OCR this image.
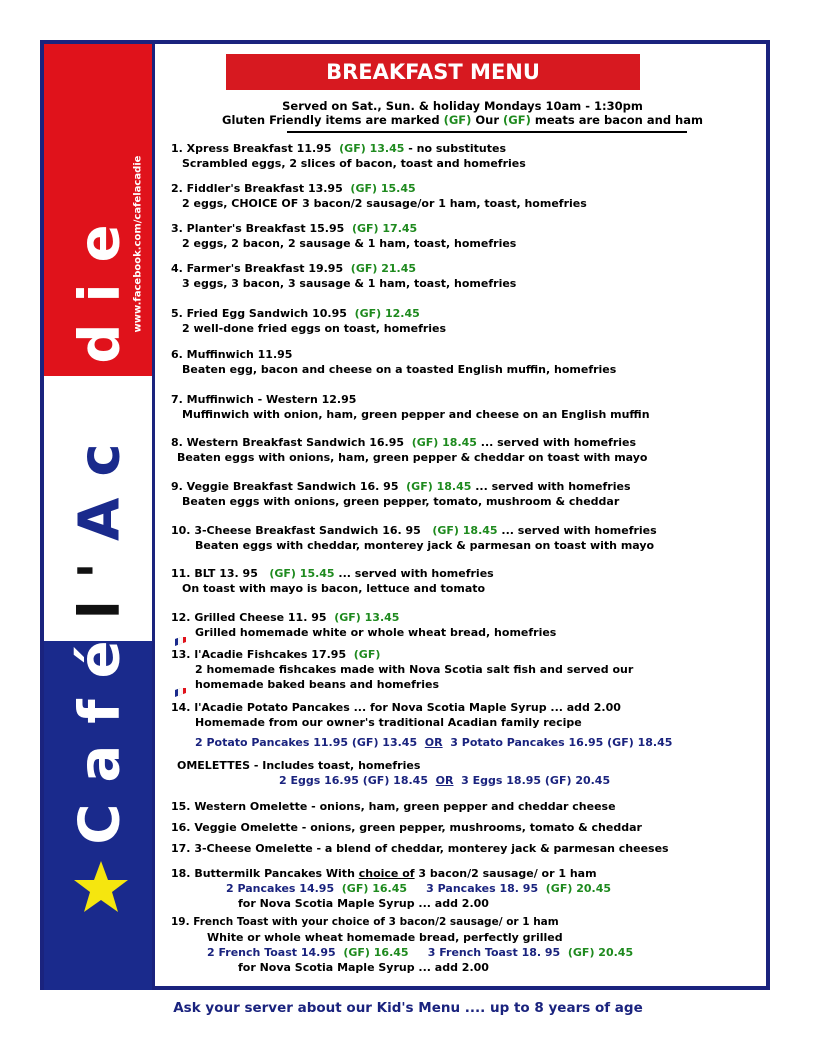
Cafél'Acadie www.facebook.com/cafelacadie
BREAKFAST MENU
Served on Sat., Sun. & holiday Mondays 10am - 1:30pm
Gluten Friendly items are marked (GF) Our (GF) meats are bacon and ham
1. Xpress Breakfast 11.95 (GF) 13.45 - no substitutes
Scrambled eggs, 2 slices of bacon, toast and homefries
2. Fiddler's Breakfast 13.95 (GF) 15.45
2 eggs, CHOICE OF 3 bacon/2 sausage/or 1 ham, toast, homefries
3. Planter's Breakfast 15.95 (GF) 17.45
2 eggs, 2 bacon, 2 sausage & 1 ham, toast, homefries
4. Farmer's Breakfast 19.95 (GF) 21.45
3 eggs, 3 bacon, 3 sausage & 1 ham, toast, homefries
5. Fried Egg Sandwich 10.95 (GF) 12.45
2 well-done fried eggs on toast, homefries
6. Muffinwich 11.95
Beaten egg, bacon and cheese on a toasted English muffin, homefries
7. Muffinwich - Western 12.95
Muffinwich with onion, ham, green pepper and cheese on an English muffin
8. Western Breakfast Sandwich 16.95 (GF) 18.45 ... served with homefries
Beaten eggs with onions, ham, green pepper & cheddar on toast with mayo
9. Veggie Breakfast Sandwich 16. 95 (GF) 18.45 ... served with homefries
Beaten eggs with onions, green pepper, tomato, mushroom & cheddar
10. 3-Cheese Breakfast Sandwich 16. 95 (GF) 18.45 ... served with homefries
Beaten eggs with cheddar, monterey jack & parmesan on toast with mayo
11. BLT 13. 95 (GF) 15.45 ... served with homefries
On toast with mayo is bacon, lettuce and tomato
12. Grilled Cheese 11. 95 (GF) 13.45
Grilled homemade white or whole wheat bread, homefries
13. l'Acadie Fishcakes 17.95 (GF)
2 homemade fishcakes made with Nova Scotia salt fish and served our
homemade baked beans and homefries
14. l'Acadie Potato Pancakes ... for Nova Scotia Maple Syrup ... add 2.00
Homemade from our owner's traditional Acadian family recipe
2 Potato Pancakes 11.95 (GF) 13.45 OR 3 Potato Pancakes 16.95 (GF) 18.45
OMELETTES - Includes toast, homefries
2 Eggs 16.95 (GF) 18.45 OR 3 Eggs 18.95 (GF) 20.45
15. Western Omelette - onions, ham, green pepper and cheddar cheese
16. Veggie Omelette - onions, green pepper, mushrooms, tomato & cheddar
17. 3-Cheese Omelette - a blend of cheddar, monterey jack & parmesan cheeses
18. Buttermilk Pancakes With choice of 3 bacon/2 sausage/ or 1 ham
2 Pancakes 14.95 (GF) 16.45 3 Pancakes 18. 95 (GF) 20.45
for Nova Scotia Maple Syrup ... add 2.00
19. French Toast with your choice of 3 bacon/2 sausage/ or 1 ham
White or whole wheat homemade bread, perfectly grilled
2 French Toast 14.95 (GF) 16.45 3 French Toast 18. 95 (GF) 20.45
for Nova Scotia Maple Syrup ... add 2.00
Ask your server about our Kid's Menu .... up to 8 years of age
